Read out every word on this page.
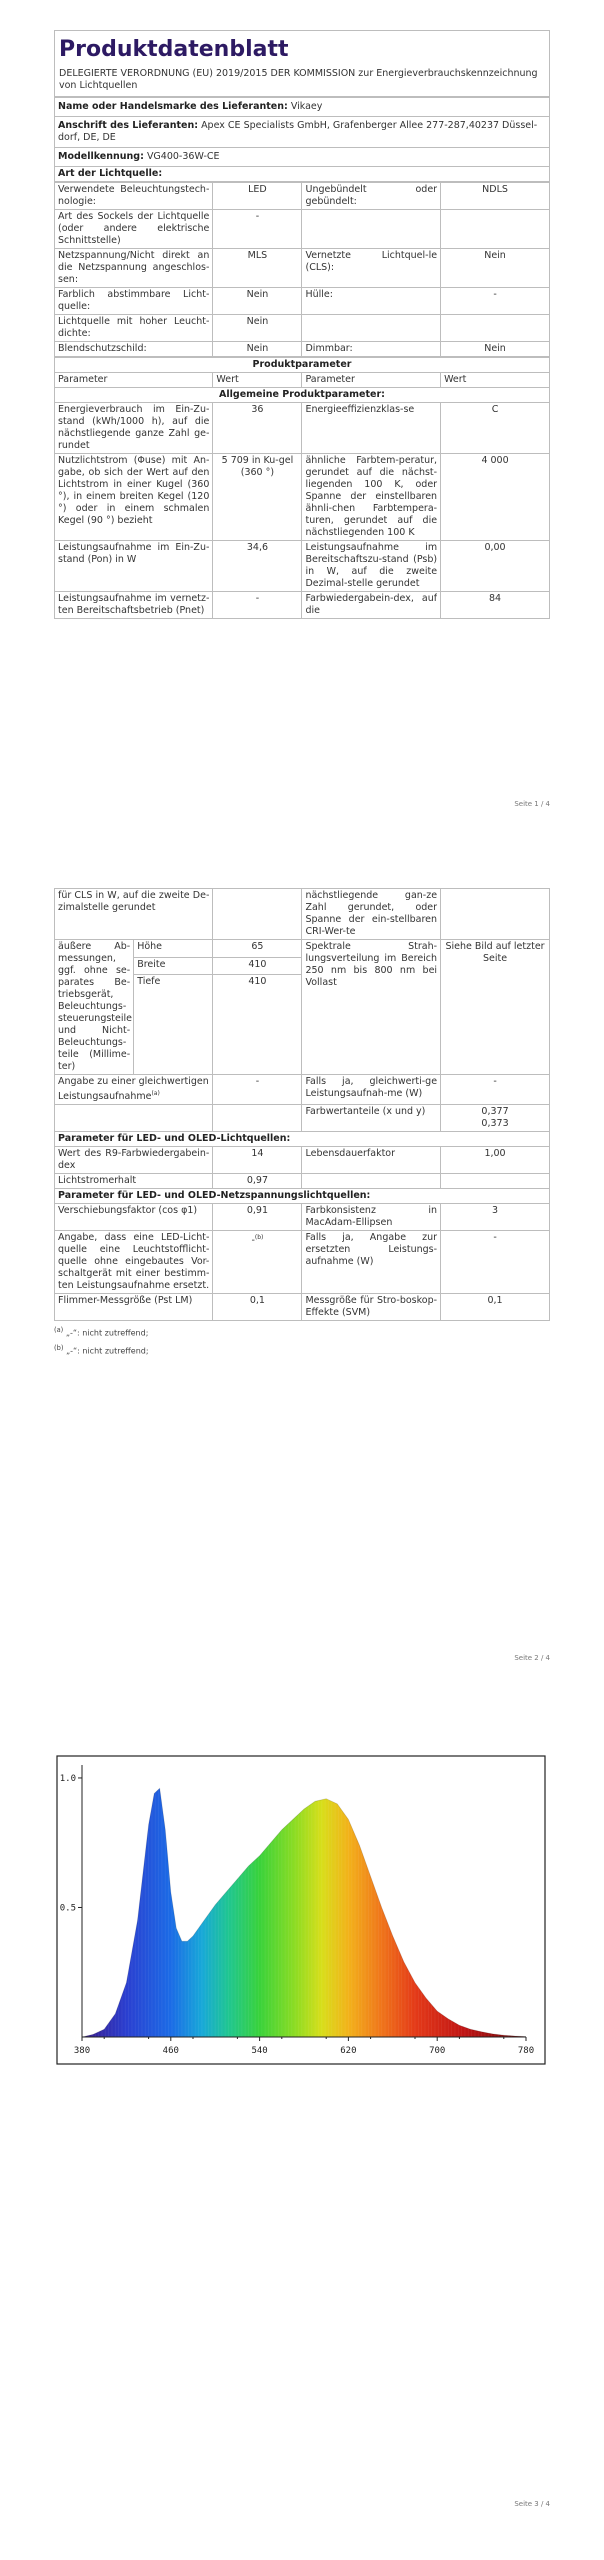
Produktdatenblatt
DELEGIERTE VERORDNUNG (EU) 2019/2015 DER KOMMISSION zur Energieverbrauchskennzeichnung von Lichtquellen
Name oder Handelsmarke des Lieferanten: Vikaey
Anschrift des Lieferanten: Apex CE Specialists GmbH, Grafenberger Allee 277-287,40237 Düssel-dorf, DE, DE
Modellkennung: VG400-36W-CE
Art der Lichtquelle:
Verwendete Beleuchtungstech-nologie:	LED	Ungebündelt oder gebündelt:	NDLS
Art des Sockels der Lichtquelle (oder andere elektrische Schnittstelle)	-		
Netzspannung/Nicht direkt an die Netzspannung angeschlos-sen:	MLS	Vernetzte Lichtquel-le (CLS):	Nein
Farblich abstimmbare Licht-quelle:	Nein	Hülle:	-
Lichtquelle mit hoher Leucht-dichte:	Nein		
Blendschutzschild:	Nein	Dimmbar:	Nein
Produktparameter			
Parameter	Wert	Parameter	Wert
Allgemeine Produktparameter:			
Energieverbrauch im Ein-Zu-stand (kWh/1000 h), auf die nächstliegende ganze Zahl ge-rundet	36	Energieeffizienzklas-se	C
Nutzlichtstrom (Φuse) mit An-gabe, ob sich der Wert auf den Lichtstrom in einer Kugel (360 °), in einem breiten Kegel (120 °) oder in einem schmalen Kegel (90 °) bezieht	5 709 in Ku-gel (360 °)	ähnliche Farbtem-peratur, gerundet auf die nächst-liegenden 100 K, oder Spanne der einstellbaren ähnli-chen Farbtempera-turen, gerundet auf die nächstliegenden 100 K	4 000
Leistungsaufnahme im Ein-Zu-stand (Pon) in W	34,6	Leistungsaufnahme im Bereitschaftszu-stand (Psb) in W, auf die zweite Dezimal-stelle gerundet	0,00

Leistungsaufnahme im vernetz-ten Bereitschaftsbetrieb (Pnet)	-	Farbwiedergabein-dex, auf die	84
Seite 1 / 4
für CLS in W, auf die zweite De-zimalstelle gerundet			nächstliegende gan-ze Zahl gerundet, oder Spanne der ein-stellbaren CRI-Wer-te	
äußere Ab-messungen, ggf. ohne se-parates Be-triebsgerät, Beleuchtungs-steuerungsteile und Nicht-Beleuchtungs-teile (Millime-ter)	Höhe	65	Spektrale Strah-lungsverteilung im Bereich 250 nm bis 800 nm bei Vollast	Siehe Bild auf letzter Seite
	Breite	410		
	Tiefe	410		
Angabe zu einer gleichwertigen Leistungsaufnahme$^{(a)}$		-	Falls ja, gleichwerti-ge Leistungsaufnah-me (W)	-
			Farbwertanteile (x und y)	0,377
0,373

Parameter für LED- und OLED-Lichtquellen:				
Wert des R9-Farbwiedergabein-dex		14	Lebensdauerfaktor	1,00
Lichtstromerhalt		0,97		
Parameter für LED- und OLED-Netzspannungslichtquellen:				
Verschiebungsfaktor (cos φ1)		0,91	Farbkonsistenz in MacAdam-Ellipsen	3
Angabe, dass eine LED-Licht-quelle eine Leuchtstofflicht-quelle ohne eingebautes Vor-schaltgerät mit einer bestimm-ten Leistungsaufnahme ersetzt.		-$^{(b)}$	Falls ja, Angabe zur ersetzten Leistungs-aufnahme (W)	-
Flimmer-Messgröße (Pst LM)		0,1	Messgröße für Stro-boskop-Effekte (SVM)	0,1
$^{(a)}$ „-“: nicht zutreffend;
$^{(b)}$ „-“: nicht zutreffend;
Seite 2 / 4
380	460	540	620	700	780
1.0
0.5
Seite 3 / 4
